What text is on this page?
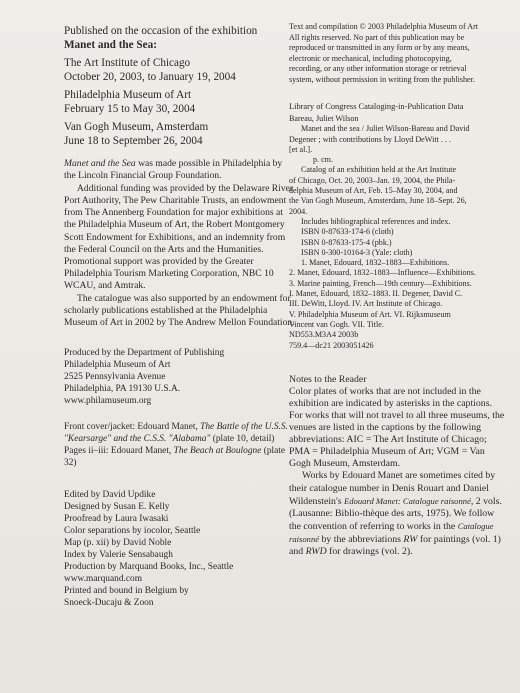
Published on the occasion of the exhibition
Manet and the Sea:
The Art Institute of Chicago
October 20, 2003, to January 19, 2004
Philadelphia Museum of Art
February 15 to May 30, 2004
Van Gogh Museum, Amsterdam
June 18 to September 26, 2004

Manet and the Sea was made possible in Philadelphia by the Lincoln Financial Group Foundation.

Additional funding was provided by the Delaware River Port Authority, The Pew Charitable Trusts, an endowment from The Annenberg Foundation for major exhibitions at the Philadelphia Museum of Art, the Robert Montgomery Scott Endowment for Exhibitions, and an indemnity from the Federal Council on the Arts and the Humanities. Promotional support was provided by the Greater Philadelphia Tourism Marketing Corporation, NBC 10 WCAU, and Amtrak.

The catalogue was also supported by an endowment for scholarly publications established at the Philadelphia Museum of Art in 2002 by The Andrew Mellon Foundation.

Produced by the Department of Publishing
Philadelphia Museum of Art
2525 Pennsylvania Avenue
Philadelphia, PA 19130 U.S.A.
www.philamuseum.org
Front cover/jacket: Edouard Manet, The Battle of the U.S.S. "Kearsarge" and the C.S.S. "Alabama" (plate 10, detail)
Pages ii–iii: Edouard Manet, The Beach at Boulogne (plate 32)
Edited by David Updike
Designed by Susan E. Kelly
Proofread by Laura Iwasaki
Color separations by iocolor, Seattle
Map (p. xii) by David Noble
Index by Valerie Sensabaugh
Production by Marquand Books, Inc., Seattle
www.marquand.com
Printed and bound in Belgium by
Snoeck-Ducaju & Zoon
Text and compilation © 2003 Philadelphia Museum of Art
All rights reserved. No part of this publication may be
reproduced or transmitted in any form or by any means,
electronic or mechanical, including photocopying,
recording, or any other information storage or retrieval
system, without permission in writing from the publisher.
Library of Congress Cataloging-in-Publication Data
Bareau, Juliet Wilson
Manet and the sea / Juliet Wilson-Bareau and David
Degener ; with contributions by Lloyd DeWitt . . .
[et al.].
p. cm.
Catalog of an exhibition held at the Art Institute
of Chicago, Oct. 20, 2003–Jan. 19, 2004, the Phila-
delphia Museum of Art, Feb. 15–May 30, 2004, and
the Van Gogh Museum, Amsterdam, June 18–Sept. 26,
2004.
Includes bibliographical references and index.
ISBN 0-87633-174-6 (cloth)
ISBN 0-87633-175-4 (pbk.)
ISBN 0-300-10164-3 (Yale: cloth)
1. Manet, Edouard, 1832–1883—Exhibitions.
2. Manet, Edouard, 1832–1883—Influence—Exhibitions.
3. Marine painting, French—19th century—Exhibitions.
I. Manet, Edouard, 1832–1883. II. Degener, David C.
III. DeWitt, Lloyd. IV. Art Institute of Chicago.
V. Philadelphia Museum of Art. VI. Rijksmuseum
Vincent van Gogh. VII. Title.
ND553.M3A4 2003b
759.4—dc21 2003051426
Notes to the Reader

Color plates of works that are not included in the exhibition are indicated by asterisks in the captions. For works that will not travel to all three museums, the venues are listed in the captions by the following abbreviations: AIC = The Art Institute of Chicago; PMA = Philadelphia Museum of Art; VGM = Van Gogh Museum, Amsterdam.

Works by Edouard Manet are sometimes cited by their catalogue number in Denis Rouart and Daniel Wildenstein's Edouard Manet: Catalogue raisonné, 2 vols. (Lausanne: Biblio-thèque des arts, 1975). We follow the convention of referring to works in the Catalogue raisonné by the abbreviations RW for paintings (vol. 1) and RWD for drawings (vol. 2).
